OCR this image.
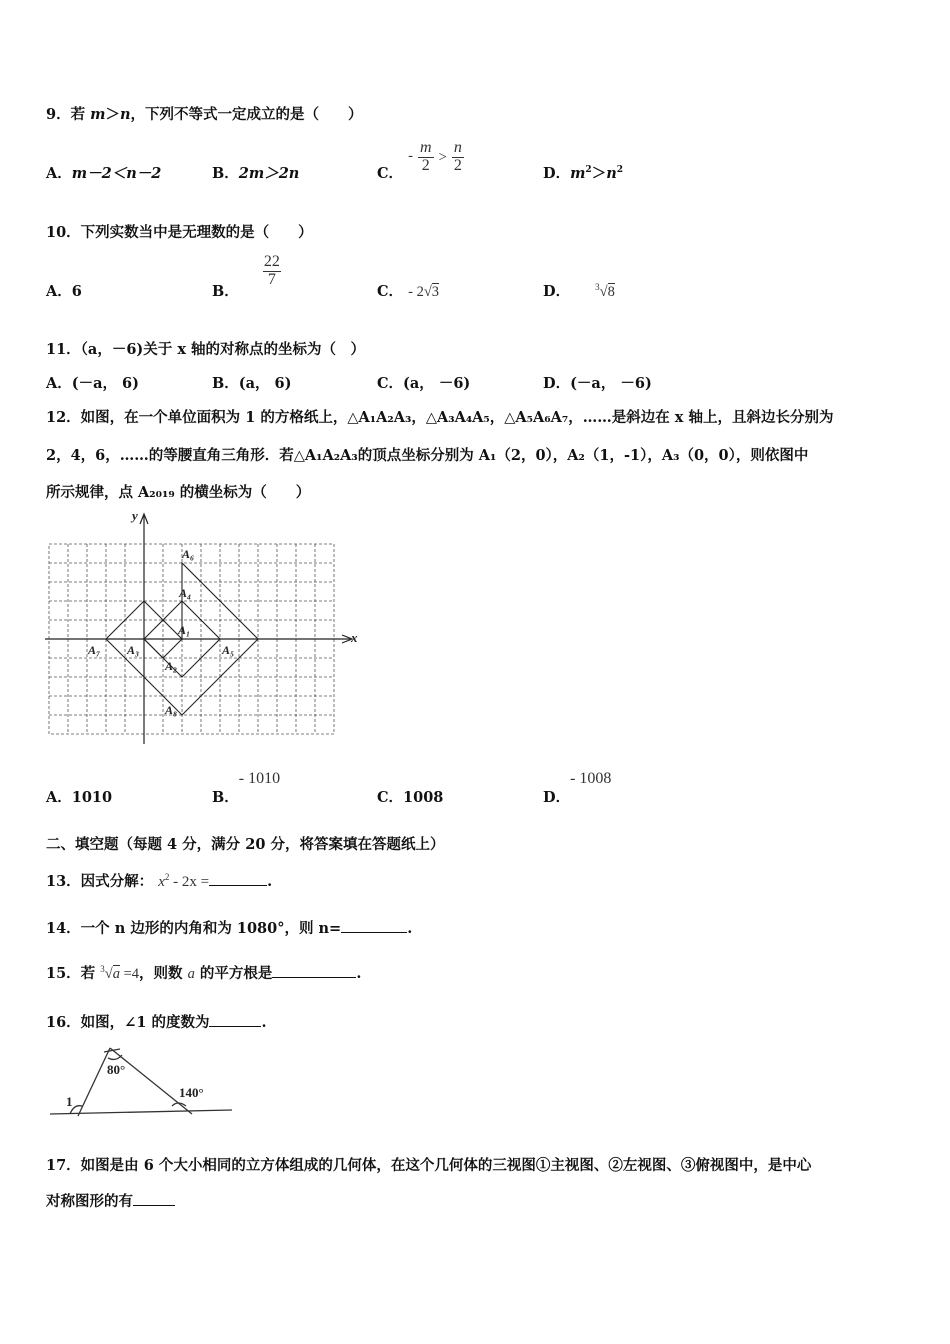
9．若 m＞n，下列不等式一定成立的是（　　）
A．m－2＜n－2	B．2m＞2n	C． - $\frac{m}{2} > \frac{n}{2}$	D．$m^2>n^2$
10．下列实数当中是无理数的是（　　）
A．6	B．
$\frac{22}{7}$
C． - 2√3	D．	$^3$√8
11．（a，－6)关于 x 轴的对称点的坐标为（　）
A．(－a， 6)	B．(a， 6)	C．(a， －6)	D．(－a， －6)
12．如图，在一个单位面积为 1 的方格纸上，△A₁A₂A₃，△A₃A₄A₅，△A₅A₆A₇，……是斜边在 x 轴上，且斜边长分别为
2，4，6，……的等腰直角三角形．若△A₁A₂A₃的顶点坐标分别为 A₁（2，0），A₂（1，-1），A₃（0，0），则依图中
所示规律，点 A₂₀₁₉ 的横坐标为（　　）
x
y
A₁
A₂
A₃
A₄
A₅
A₆
A₇
A₈
A．1010	B．- 1010
C．1008	D．- 1008
二、填空题（每题 4 分，满分 20 分，将答案填在答题纸上）
13．因式分解： $x^2 - 2x$ =	.
14．一个 n 边形的内角和为 1080°，则 n=	.
15．若 $^3$√a =4，则数 a 的平方根是	.
16．如图，∠1 的度数为	.
1
80°
140°
17．如图是由 6 个大小相同的立方体组成的几何体，在这个几何体的三视图①主视图、②左视图、③俯视图中，是中心
对称图形的有
